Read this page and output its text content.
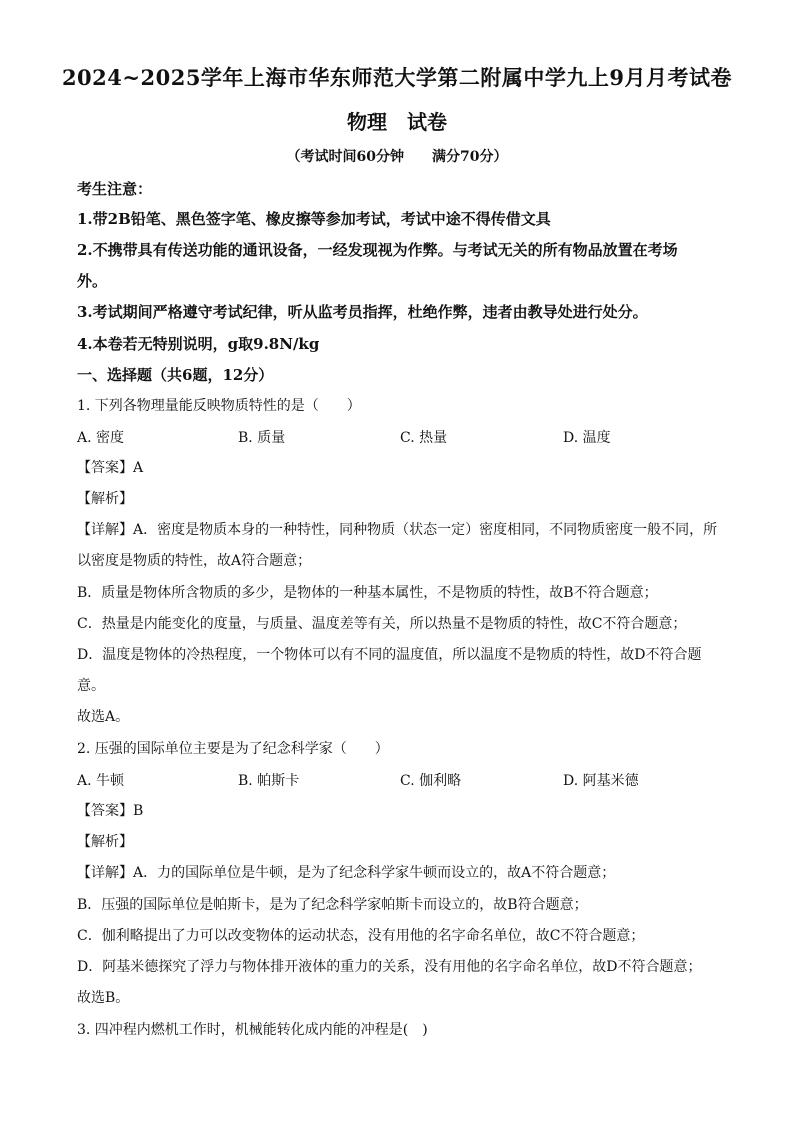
2024~2025学年上海市华东师范大学第二附属中学九上9月月考试卷
物理　试卷
（考试时间60分钟　　满分70分）
考生注意：
1.带2B铅笔、黑色签字笔、橡皮擦等参加考试，考试中途不得传借文具
2.不携带具有传送功能的通讯设备，一经发现视为作弊。与考试无关的所有物品放置在考场
外。
3.考试期间严格遵守考试纪律，听从监考员指挥，杜绝作弊，违者由教导处进行处分。
4.本卷若无特别说明，g取9.8N/kg
一、选择题（共6题，12分）
1. 下列各物理量能反映物质特性的是（　　）
A. 密度	B. 质量	C. 热量	D. 温度
【答案】A
【解析】
【详解】A．密度是物质本身的一种特性，同种物质（状态一定）密度相同，不同物质密度一般不同，所
以密度是物质的特性，故A符合题意；
B．质量是物体所含物质的多少，是物体的一种基本属性，不是物质的特性，故B不符合题意；
C．热量是内能变化的度量，与质量、温度差等有关，所以热量不是物质的特性，故C不符合题意；
D．温度是物体的冷热程度，一个物体可以有不同的温度值，所以温度不是物质的特性，故D不符合题
意。
故选A。
2. 压强的国际单位主要是为了纪念科学家（　　）
A. 牛顿	B. 帕斯卡	C. 伽利略	D. 阿基米德
【答案】B
【解析】
【详解】A．力的国际单位是牛顿，是为了纪念科学家牛顿而设立的，故A不符合题意；
B．压强的国际单位是帕斯卡，是为了纪念科学家帕斯卡而设立的，故B符合题意；
C．伽利略提出了力可以改变物体的运动状态，没有用他的名字命名单位，故C不符合题意；
D．阿基米德探究了浮力与物体排开液体的重力的关系，没有用他的名字命名单位，故D不符合题意；
故选B。
3. 四冲程内燃机工作时，机械能转化成内能的冲程是(　)
